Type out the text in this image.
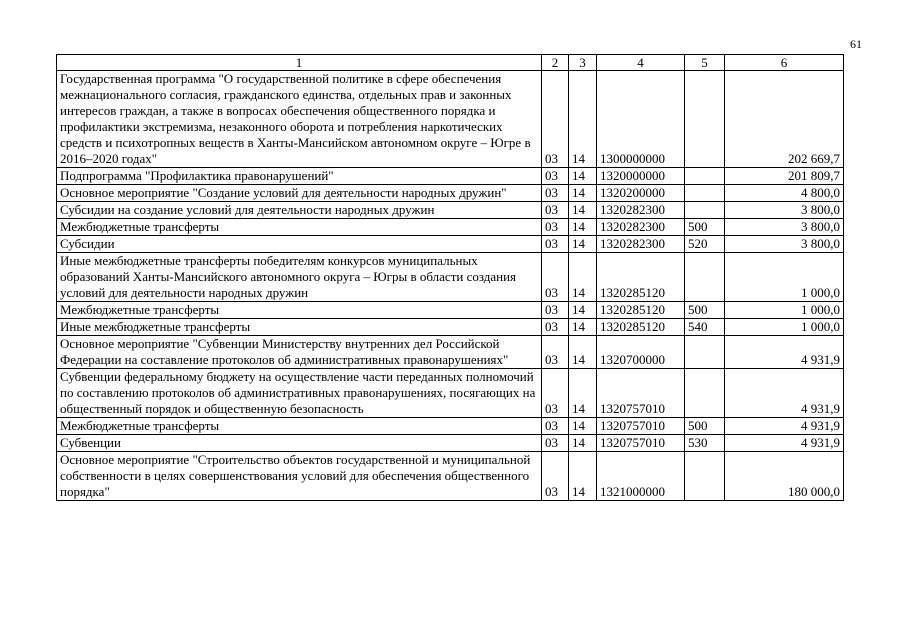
61
1	2	3	4	5	6
Государственная программа "О государственной политике в сфере обеспечения межнационального согласия, гражданского единства, отдельных прав и законных интересов граждан, а также в вопросах обеспечения общественного порядка и профилактики экстремизма, незаконного оборота и потребления наркотических средств и психотропных веществ в Ханты-Мансийском автономном округе – Югре в 2016–2020 годах"	03	14	1300000000		202 669,7
Подпрограмма "Профилактика правонарушений"	03	14	1320000000		201 809,7
Основное мероприятие "Создание условий для деятельности народных дружин"	03	14	1320200000		4 800,0
Субсидии на создание условий для деятельности народных дружин	03	14	1320282300		3 800,0
Межбюджетные трансферты	03	14	1320282300	500	3 800,0
Субсидии	03	14	1320282300	520	3 800,0
Иные межбюджетные трансферты победителям конкурсов муниципальных образований Ханты-Мансийского автономного округа – Югры в области создания условий для деятельности народных дружин	03	14	1320285120		1 000,0
Межбюджетные трансферты	03	14	1320285120	500	1 000,0
Иные межбюджетные трансферты	03	14	1320285120	540	1 000,0
Основное мероприятие "Субвенции Министерству внутренних дел Российской Федерации на составление протоколов об административных правонарушениях"	03	14	1320700000		4 931,9
Субвенции федеральному бюджету на осуществление части переданных полномочий по составлению протоколов об административных правонарушениях, посягающих на общественный порядок и общественную безопасность	03	14	1320757010		4 931,9
Межбюджетные трансферты	03	14	1320757010	500	4 931,9
Субвенции	03	14	1320757010	530	4 931,9
Основное мероприятие "Строительство объектов государственной и муниципальной собственности в целях совершенствования условий для обеспечения общественного порядка"	03	14	1321000000		180 000,0
